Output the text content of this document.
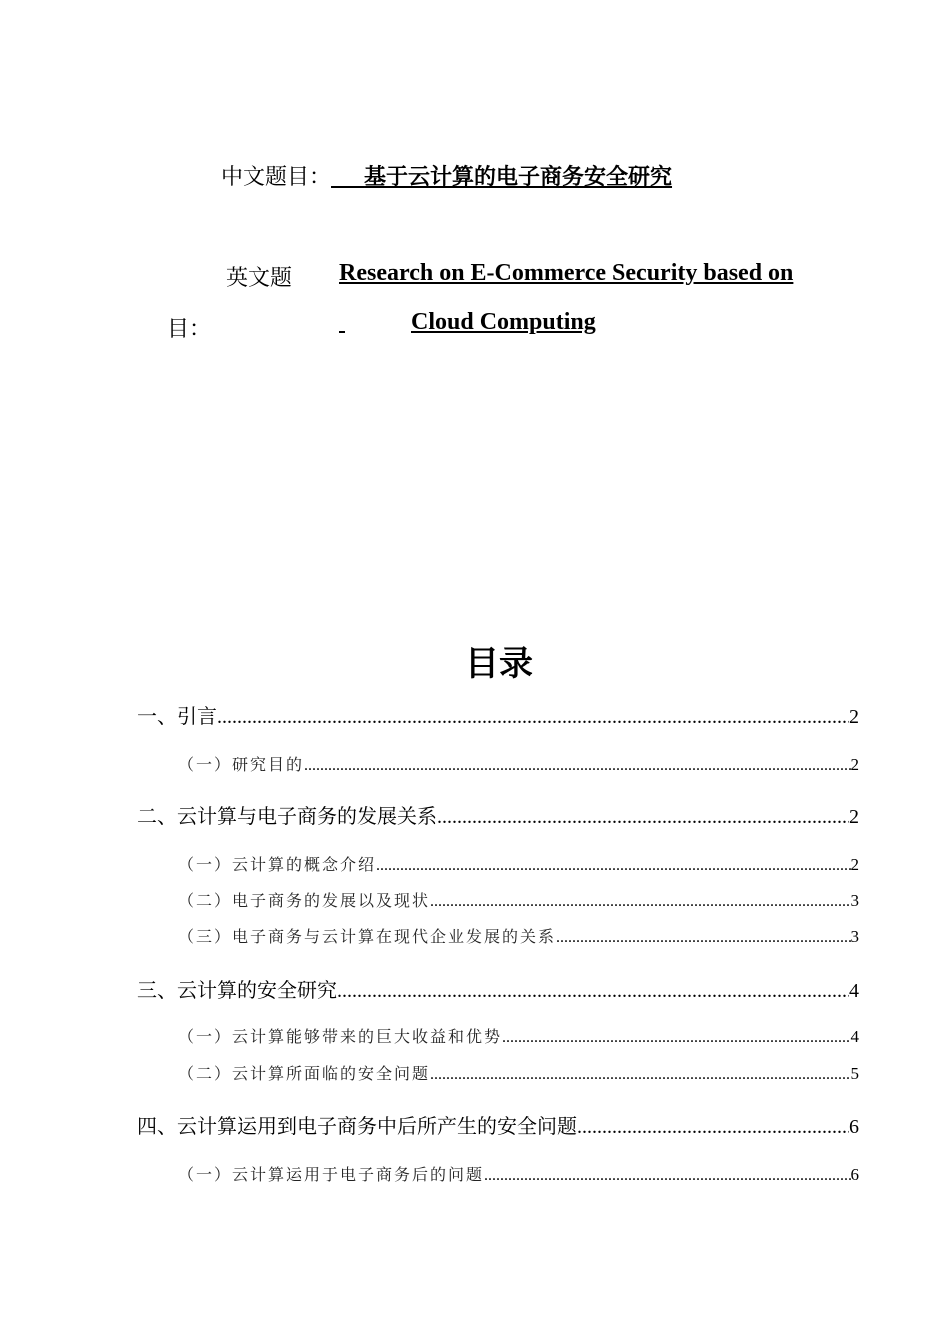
中文题目：   基于云计算的电子商务安全研究
英文题
目：
Research on E-Commerce Security based on
Cloud Computing
目录
一、引言 .....	2
（一）研究目的 .....	2
二、云计算与电子商务的发展关系 .....	2
（一）云计算的概念介绍 .....	2
（二）电子商务的发展以及现状 .....	3
（三）电子商务与云计算在现代企业发展的关系 .....	3
三、云计算的安全研究 .....	4
（一）云计算能够带来的巨大收益和优势 .....	4
（二）云计算所面临的安全问题 .....	5
四、云计算运用到电子商务中后所产生的安全问题 .....	6
（一）云计算运用于电子商务后的问题 .....	6
